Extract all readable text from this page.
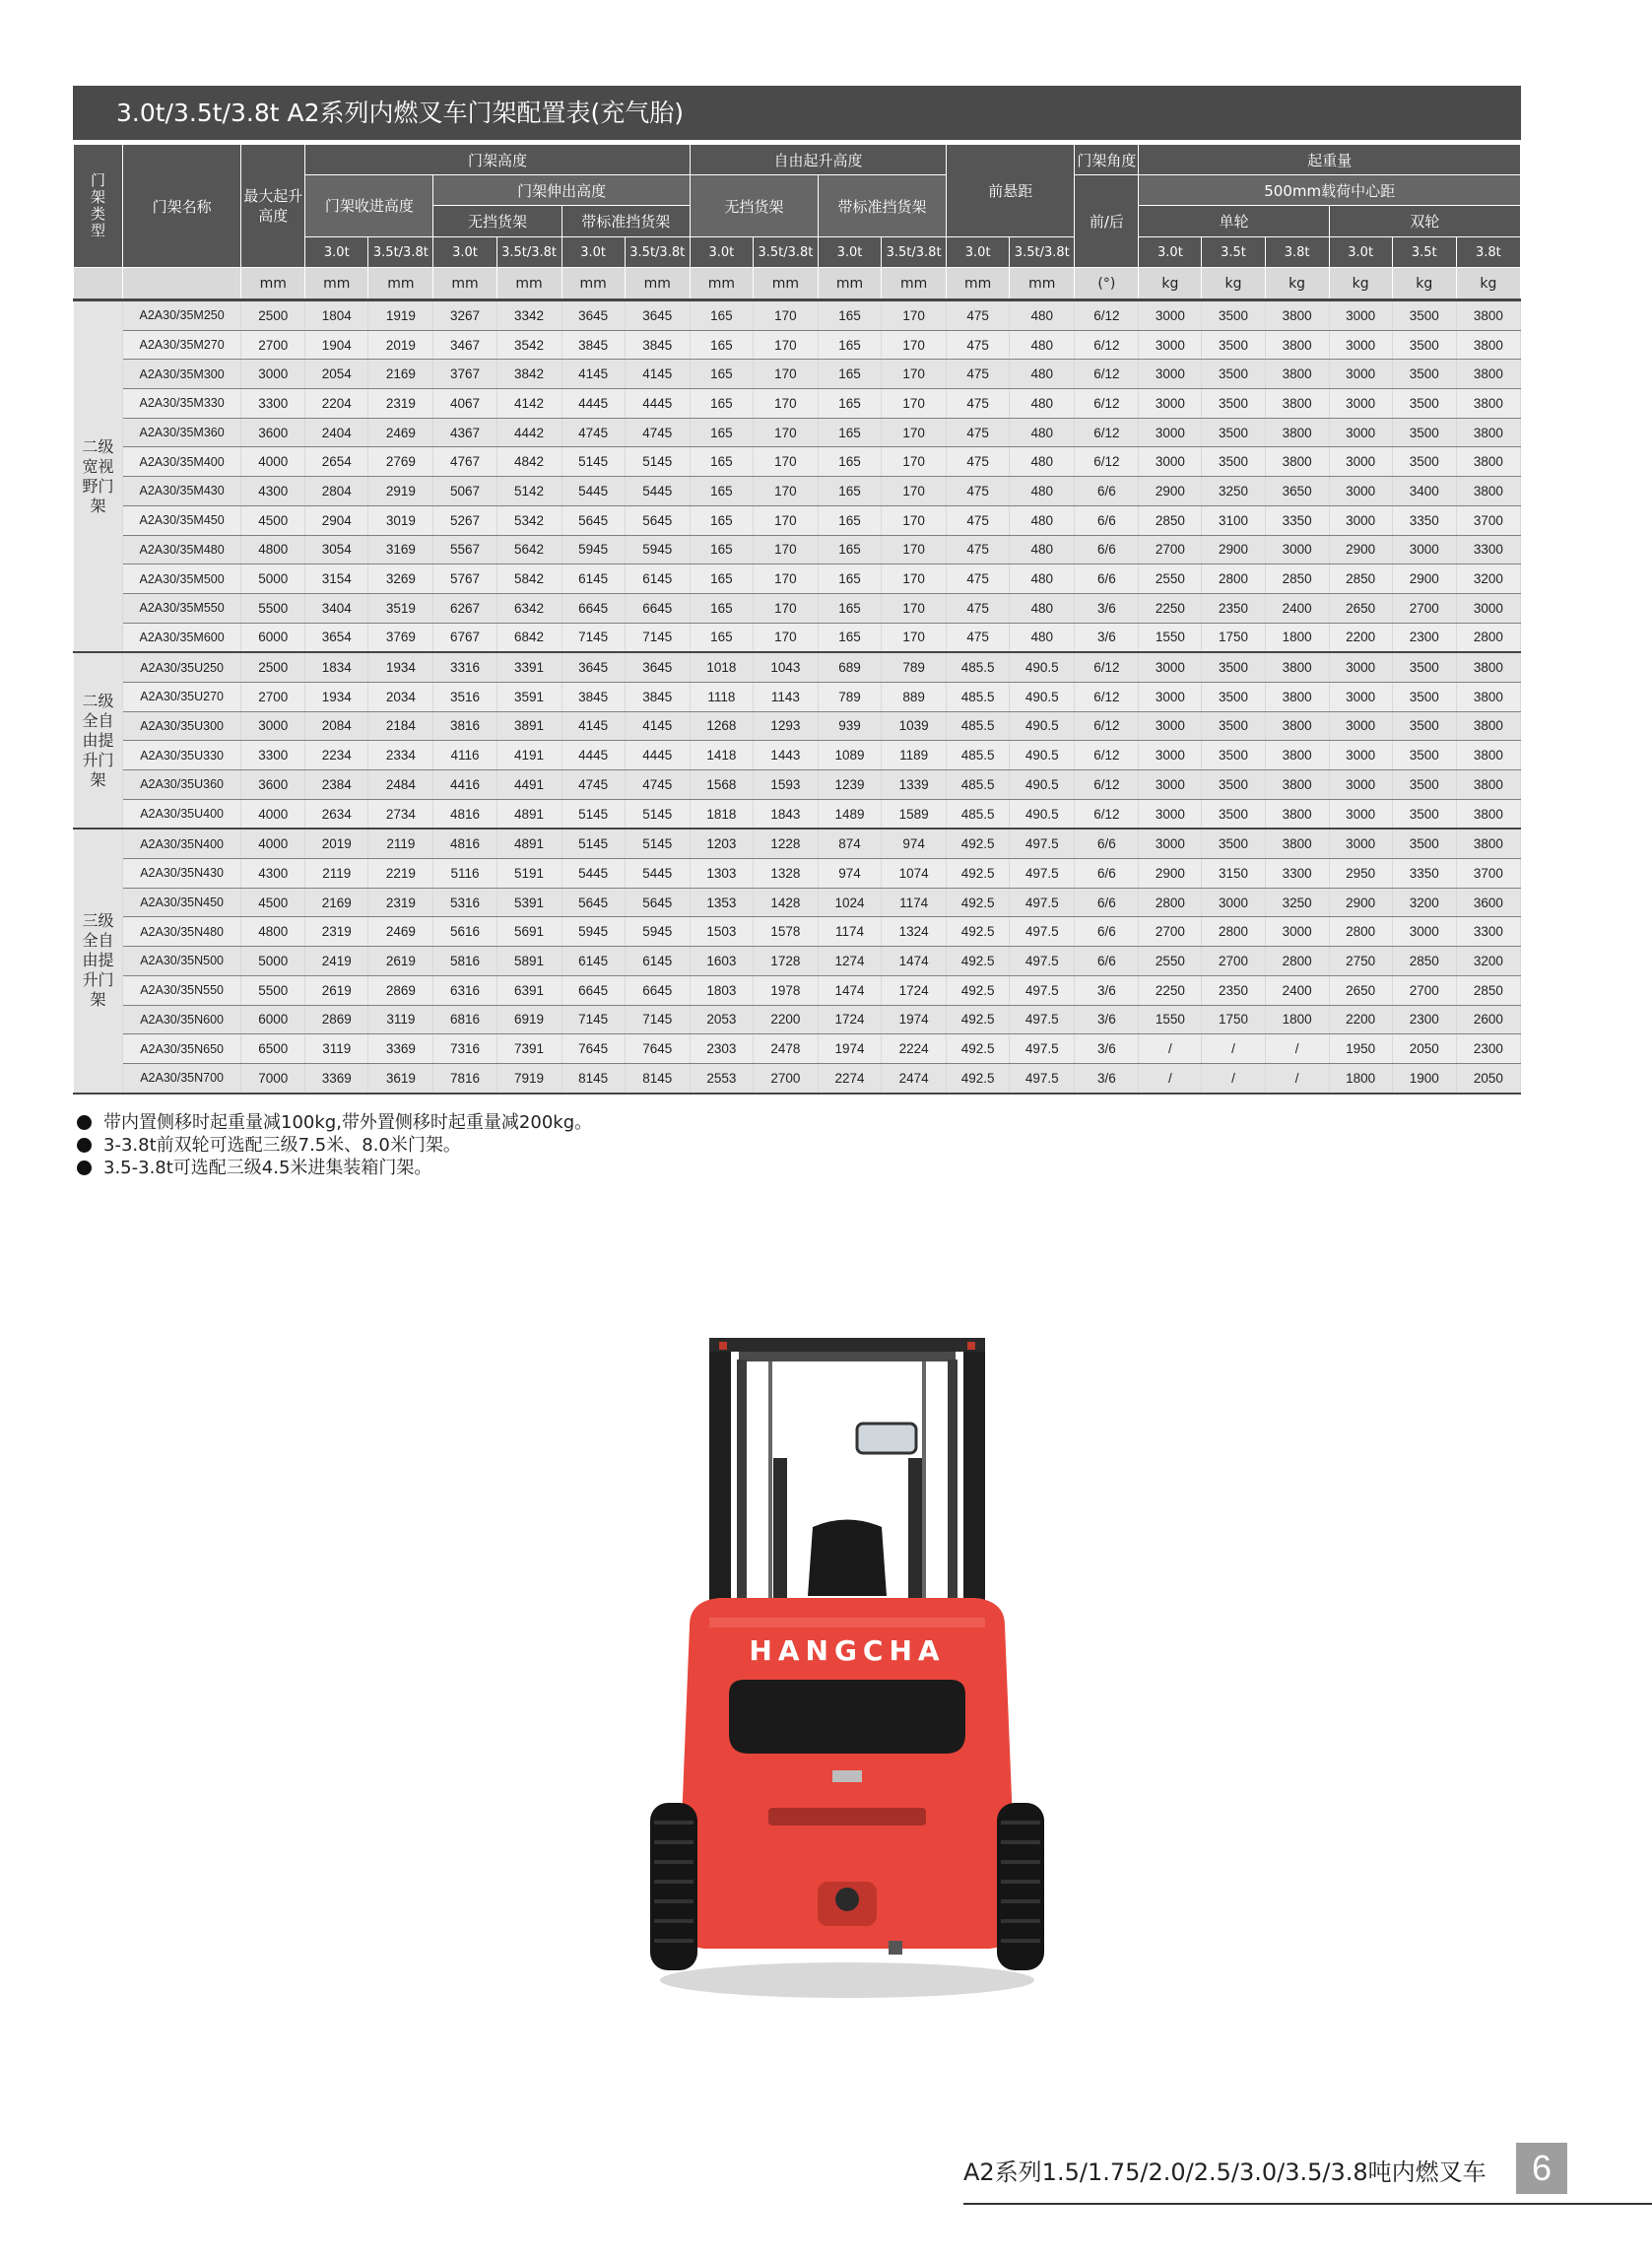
3.0t/3.5t/3.8t A2系列内燃叉车门架配置表(充气胎)
门架类型	门架名称	最大起升高度	门架高度						自由起升高度				前悬距		门架角度	起重量					
			门架收进高度		门架伸出高度				无挡货架		带标准挡货架				前/后	500mm载荷中心距					
					无挡货架		带标准挡货架									单轮			双轮		
			3.0t	3.5t/3.8t	3.0t	3.5t/3.8t	3.0t	3.5t/3.8t	3.0t	3.5t/3.8t	3.0t	3.5t/3.8t	3.0t	3.5t/3.8t		3.0t	3.5t	3.8t	3.0t	3.5t	3.8t
		mm	mm	mm	mm	mm	mm	mm	mm	mm	mm	mm	mm	mm	(°)	kg	kg	kg	kg	kg	kg
二级宽视野门架	A2A30/35M250	2500	1804	1919	3267	3342	3645	3645	165	170	165	170	475	480	6/12	3000	3500	3800	3000	3500	3800
	A2A30/35M270	2700	1904	2019	3467	3542	3845	3845	165	170	165	170	475	480	6/12	3000	3500	3800	3000	3500	3800
	A2A30/35M300	3000	2054	2169	3767	3842	4145	4145	165	170	165	170	475	480	6/12	3000	3500	3800	3000	3500	3800
	A2A30/35M330	3300	2204	2319	4067	4142	4445	4445	165	170	165	170	475	480	6/12	3000	3500	3800	3000	3500	3800
	A2A30/35M360	3600	2404	2469	4367	4442	4745	4745	165	170	165	170	475	480	6/12	3000	3500	3800	3000	3500	3800
	A2A30/35M400	4000	2654	2769	4767	4842	5145	5145	165	170	165	170	475	480	6/12	3000	3500	3800	3000	3500	3800
	A2A30/35M430	4300	2804	2919	5067	5142	5445	5445	165	170	165	170	475	480	6/6	2900	3250	3650	3000	3400	3800
	A2A30/35M450	4500	2904	3019	5267	5342	5645	5645	165	170	165	170	475	480	6/6	2850	3100	3350	3000	3350	3700
	A2A30/35M480	4800	3054	3169	5567	5642	5945	5945	165	170	165	170	475	480	6/6	2700	2900	3000	2900	3000	3300
	A2A30/35M500	5000	3154	3269	5767	5842	6145	6145	165	170	165	170	475	480	6/6	2550	2800	2850	2850	2900	3200
	A2A30/35M550	5500	3404	3519	6267	6342	6645	6645	165	170	165	170	475	480	3/6	2250	2350	2400	2650	2700	3000
	A2A30/35M600	6000	3654	3769	6767	6842	7145	7145	165	170	165	170	475	480	3/6	1550	1750	1800	2200	2300	2800
二级全自由提升门架	A2A30/35U250	2500	1834	1934	3316	3391	3645	3645	1018	1043	689	789	485.5	490.5	6/12	3000	3500	3800	3000	3500	3800
	A2A30/35U270	2700	1934	2034	3516	3591	3845	3845	1118	1143	789	889	485.5	490.5	6/12	3000	3500	3800	3000	3500	3800
	A2A30/35U300	3000	2084	2184	3816	3891	4145	4145	1268	1293	939	1039	485.5	490.5	6/12	3000	3500	3800	3000	3500	3800
	A2A30/35U330	3300	2234	2334	4116	4191	4445	4445	1418	1443	1089	1189	485.5	490.5	6/12	3000	3500	3800	3000	3500	3800
	A2A30/35U360	3600	2384	2484	4416	4491	4745	4745	1568	1593	1239	1339	485.5	490.5	6/12	3000	3500	3800	3000	3500	3800
	A2A30/35U400	4000	2634	2734	4816	4891	5145	5145	1818	1843	1489	1589	485.5	490.5	6/12	3000	3500	3800	3000	3500	3800
三级全自由提升门架	A2A30/35N400	4000	2019	2119	4816	4891	5145	5145	1203	1228	874	974	492.5	497.5	6/6	3000	3500	3800	3000	3500	3800
	A2A30/35N430	4300	2119	2219	5116	5191	5445	5445	1303	1328	974	1074	492.5	497.5	6/6	2900	3150	3300	2950	3350	3700
	A2A30/35N450	4500	2169	2319	5316	5391	5645	5645	1353	1428	1024	1174	492.5	497.5	6/6	2800	3000	3250	2900	3200	3600
	A2A30/35N480	4800	2319	2469	5616	5691	5945	5945	1503	1578	1174	1324	492.5	497.5	6/6	2700	2800	3000	2800	3000	3300
	A2A30/35N500	5000	2419	2619	5816	5891	6145	6145	1603	1728	1274	1474	492.5	497.5	6/6	2550	2700	2800	2750	2850	3200
	A2A30/35N550	5500	2619	2869	6316	6391	6645	6645	1803	1978	1474	1724	492.5	497.5	3/6	2250	2350	2400	2650	2700	2850
	A2A30/35N600	6000	2869	3119	6816	6919	7145	7145	2053	2200	1724	1974	492.5	497.5	3/6	1550	1750	1800	2200	2300	2600
	A2A30/35N650	6500	3119	3369	7316	7391	7645	7645	2303	2478	1974	2224	492.5	497.5	3/6	/	/	/	1950	2050	2300
	A2A30/35N700	7000	3369	3619	7816	7919	8145	8145	2553	2700	2274	2474	492.5	497.5	3/6	/	/	/	1800	1900	2050
带内置侧移时起重量减100kg,带外置侧移时起重量减200kg。
3-3.8t前双轮可选配三级7.5米、8.0米门架。
3.5-3.8t可选配三级4.5米进集装箱门架。
HANGCHA
A2系列1.5/1.75/2.0/2.5/3.0/3.5/3.8吨内燃叉车	6
